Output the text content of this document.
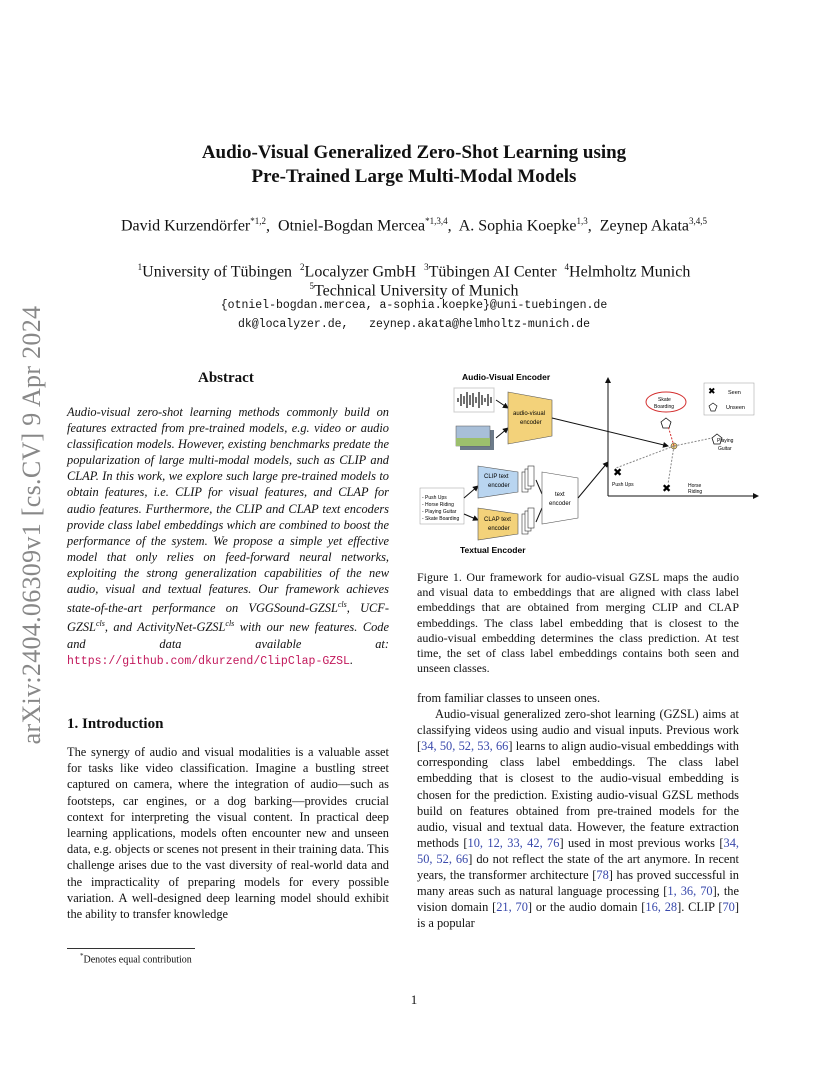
arXiv:2404.06309v1 [cs.CV] 9 Apr 2024
Audio-Visual Generalized Zero-Shot Learning using
Pre-Trained Large Multi-Modal Models
David Kurzendörfer$^{*1,2}$,  Otniel-Bogdan Mercea$^{*1,3,4}$,  A. Sophia Koepke$^{1,3}$,  Zeynep Akata$^{3,4,5}$
$^1$University of Tübingen $^2$Localyzer GmbH $^3$Tübingen AI Center $^4$Helmholtz Munich
$^5$Technical University of Munich
{otniel-bogdan.mercea, a-sophia.koepke}@uni-tuebingen.de
dk@localyzer.de, zeynep.akata@helmholtz-munich.de
Abstract
Audio-visual zero-shot learning methods commonly build on features extracted from pre-trained models, e.g. video or audio classification models. However, existing benchmarks predate the popularization of large multi-modal models, such as CLIP and CLAP. In this work, we explore such large pre-trained models to obtain features, i.e. CLIP for visual features, and CLAP for audio features. Furthermore, the CLIP and CLAP text encoders provide class label embeddings which are combined to boost the performance of the system. We propose a simple yet effective model that only relies on feed-forward neural networks, exploiting the strong generalization capabilities of the new audio, visual and textual features. Our framework achieves state-of-the-art performance on VGGSound-$GZSL^{cls}$, UCF-$GZSL^{cls}$, and ActivityNet-$GZSL^{cls}$ with our new features. Code and data available at: https://github.com/dkurzend/ClipClap-GZSL.
1. Introduction
The synergy of audio and visual modalities is a valuable asset for tasks like video classification. Imagine a bustling street captured on camera, where the integration of audio—such as footsteps, car engines, or a dog barking—provides crucial context for interpreting the visual content. In practical deep learning applications, models often encounter new and unseen data, e.g. objects or scenes not present in their training data. This challenge arises due to the vast diversity of real-world data and the impracticality of preparing models for every possible variation. A well-designed deep learning model should exhibit the ability to transfer knowledge
*Denotes equal contribution
Audio-Visual Encoder
audio-visual
encoder
- Push Ups
- Horse Riding
- Playing Guitar
- Skate Boarding
CLIP text
encoder
CLAP text
encoder
text
encoder
Textual Encoder
✖ Seen
Unseen
Skate
Boarding
Playing
Guitar
✖
Push Ups	✖	Horse
Riding
Figure 1. Our framework for audio-visual GZSL maps the audio and visual data to embeddings that are aligned with class label embeddings that are obtained from merging CLIP and CLAP embeddings. The class label embedding that is closest to the audio-visual embedding determines the class prediction. At test time, the set of class label embeddings contains both seen and unseen classes.
from familiar classes to unseen ones.
Audio-visual generalized zero-shot learning (GZSL) aims at classifying videos using audio and visual inputs. Previous work [34, 50, 52, 53, 66] learns to align audio-visual embeddings with corresponding class label embeddings. The class label embedding that is closest to the audio-visual embedding is chosen for the prediction. Existing audio-visual GZSL methods build on features obtained from pre-trained models for the audio, visual and textual data. However, the feature extraction methods [10, 12, 33, 42, 76] used in most previous works [34, 50, 52, 66] do not reflect the state of the art anymore. In recent years, the transformer architecture [78] has proved successful in many areas such as natural language processing [1, 36, 70], the vision domain [21, 70] or the audio domain [16, 28]. CLIP [70] is a popular
1
